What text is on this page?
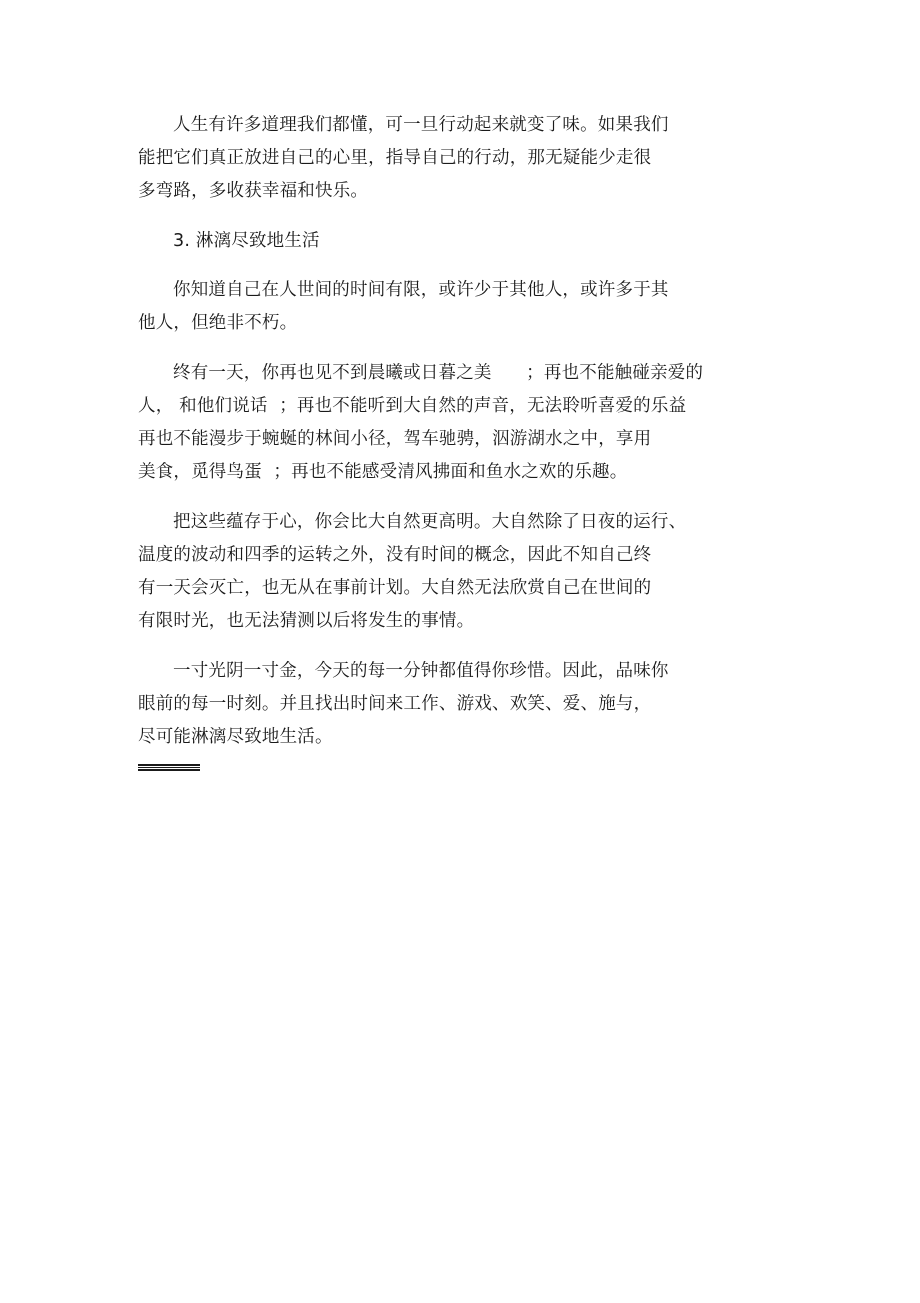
人生有许多道理我们都懂，可一旦行动起来就变了味。如果我们
能把它们真正放进自己的心里，指导自己的行动，那无疑能少走很
多弯路，多收获幸福和快乐。
3. 淋漓尽致地生活
你知道自己在人世间的时间有限，或许少于其他人，或许多于其
他人，但绝非不朽。
终有一天，你再也见不到晨曦或日暮之美      ；再也不能触碰亲爱的
人， 和他们说话  ；再也不能听到大自然的声音，无法聆听喜爱的乐益
再也不能漫步于蜿蜒的林间小径，驾车驰骋，泅游湖水之中，享用
美食，觅得鸟蛋  ；再也不能感受清风拂面和鱼水之欢的乐趣。
把这些蕴存于心，你会比大自然更高明。大自然除了日夜的运行、
温度的波动和四季的运转之外，没有时间的概念，因此不知自己终
有一天会灭亡，也无从在事前计划。大自然无法欣赏自己在世间的
有限时光，也无法猜测以后将发生的事情。
一寸光阴一寸金，今天的每一分钟都值得你珍惜。因此，品味你
眼前的每一时刻。并且找出时间来工作、游戏、欢笑、爱、施与，
尽可能淋漓尽致地生活。
